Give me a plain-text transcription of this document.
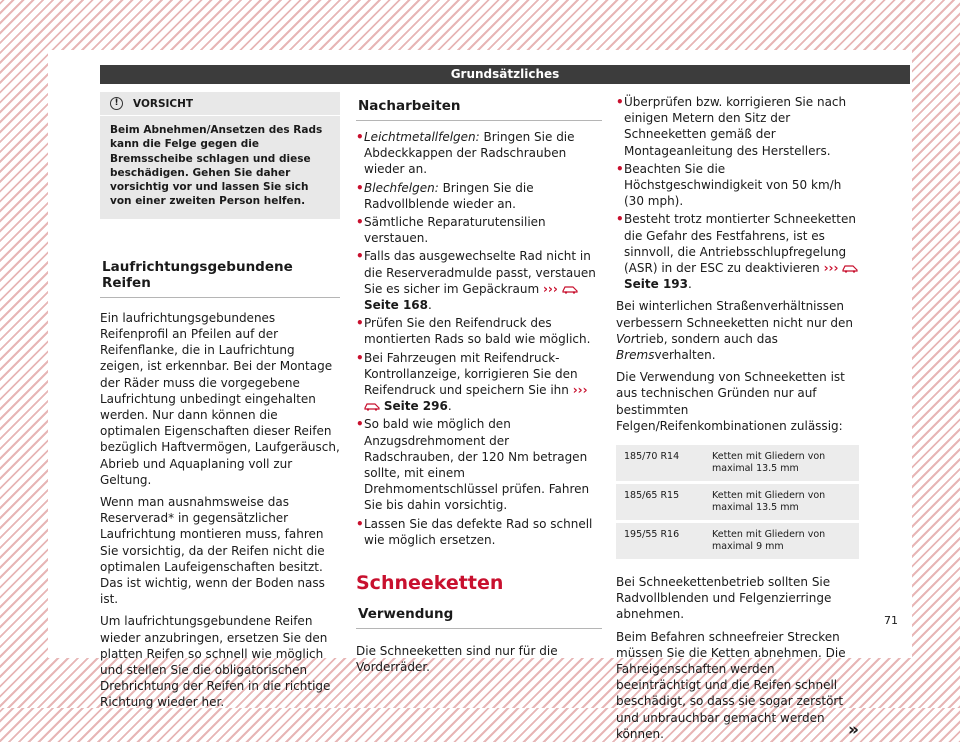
Grundsätzliches
!	VORSICHT
Beim Abnehmen/Ansetzen des Rads kann die Felge gegen die Bremsscheibe schlagen und diese beschädigen. Gehen Sie daher vorsichtig vor und lassen Sie sich von einer zweiten Person helfen.
Laufrichtungsgebundene Reifen

Ein laufrichtungsgebundenes Reifenprofil an Pfeilen auf der Reifenflanke, die in Laufrichtung zeigen, ist erkennbar. Bei der Montage der Räder muss die vorgegebene Laufrichtung unbedingt eingehalten werden. Nur dann können die optimalen Eigenschaften dieser Reifen bezüglich Haftvermögen, Laufgeräusch, Abrieb und Aquaplaning voll zur Geltung.

Wenn man ausnahmsweise das Reserverad* in gegensätzlicher Laufrichtung montieren muss, fahren Sie vorsichtig, da der Reifen nicht die optimalen Laufeigenschaften besitzt. Das ist wichtig, wenn der Boden nass ist.

Um laufrichtungsgebundene Reifen wieder anzubringen, ersetzen Sie den platten Reifen so schnell wie möglich und stellen Sie die obligatorischen Drehrichtung der Reifen in die richtige Richtung wieder her.

Nacharbeiten
• Leichtmetallfelgen: Bringen Sie die Abdeckkappen der Radschrauben wieder an.
• Blechfelgen: Bringen Sie die Radvollblende wieder an.
• Sämtliche Reparaturutensilien verstauen.
• Falls das ausgewechselte Rad nicht in die Reserveradmulde passt, verstauen Sie es sicher im Gepäckraum ›››  Seite 168.
• Prüfen Sie den Reifendruck des montierten Rads so bald wie möglich.
• Bei Fahrzeugen mit Reifendruck-Kontrollanzeige, korrigieren Sie den Reifendruck und speichern Sie ihn ›››  Seite 296.
• So bald wie möglich den Anzugsdrehmoment der Radschrauben, der 120 Nm betragen sollte, mit einem Drehmomentschlüssel prüfen. Fahren Sie bis dahin vorsichtig.
• Lassen Sie das defekte Rad so schnell wie möglich ersetzen.
Schneeketten
Verwendung

Die Schneeketten sind nur für die Vorderräder.

• Überprüfen bzw. korrigieren Sie nach einigen Metern den Sitz der Schneeketten gemäß der Montageanleitung des Herstellers.
• Beachten Sie die Höchstgeschwindigkeit von 50 km/h (30 mph).
• Besteht trotz montierter Schneeketten die Gefahr des Festfahrens, ist es sinnvoll, die Antriebsschlupfregelung (ASR) in der ESC zu deaktivieren ›››  Seite 193.

Bei winterlichen Straßenverhältnissen verbessern Schneeketten nicht nur den Vortrieb, sondern auch das Bremsverhalten.

Die Verwendung von Schneeketten ist aus technischen Gründen nur auf bestimmten Felgen/Reifenkombinationen zulässig:

185/70 R14	Ketten mit Gliedern von maximal 13.5 mm
185/65 R15	Ketten mit Gliedern von maximal 13.5 mm
195/55 R16	Ketten mit Gliedern von maximal 9 mm

Bei Schneekettenbetrieb sollten Sie Radvollblenden und Felgenzierringe abnehmen.

Beim Befahren schneefreier Strecken müssen Sie die Ketten abnehmen. Die Fahreigenschaften werden beeinträchtigt und die Reifen schnell beschädigt, so dass sie sogar zerstört und unbrauchbar gemacht werden können.	»

71
